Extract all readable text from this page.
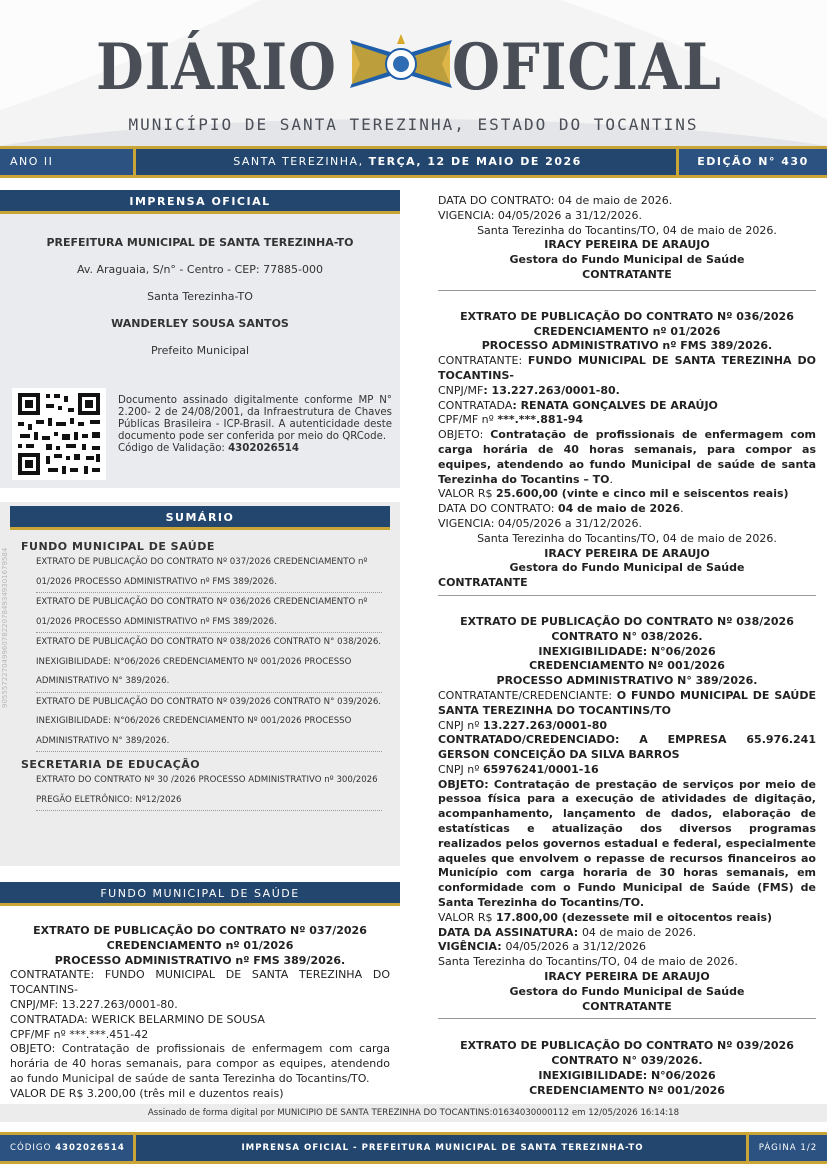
DIÁRIO OFICIAL
MUNICÍPIO DE SANTA TEREZINHA, ESTADO DO TOCANTINS
ANO II	SANTA TEREZINHA, TERÇA, 12 DE MAIO DE 2026	EDIÇÃO N° 430
IMPRENSA OFICIAL

PREFEITURA MUNICIPAL DE SANTA TEREZINHA-TO

Av. Araguaia, S/n° - Centro - CEP: 77885-000

Santa Terezinha-TO

WANDERLEY SOUSA SANTOS

Prefeito Municipal

Documento assinado digitalmente conforme MP N° 2.200- 2 de 24/08/2001, da Infraestrutura de Chaves Públicas Brasileira - ICP-Brasil. A autenticidade deste documento pode ser conferida por meio do QRCode.
Código de Validação: 4302026514
SUMÁRIO
FUNDO MUNICIPAL DE SAÚDE
EXTRATO DE PUBLICAÇÃO DO CONTRATO Nº 037/2026 CREDENCIAMENTO nº 01/2026 PROCESSO ADMINISTRATIVO nº FMS 389/2026.
EXTRATO DE PUBLICAÇÃO DO CONTRATO Nº 036/2026 CREDENCIAMENTO nº 01/2026 PROCESSO ADMINISTRATIVO nº FMS 389/2026.
EXTRATO DE PUBLICAÇÃO DO CONTRATO Nº 038/2026 CONTRATO N° 038/2026. INEXIGIBILIDADE: N°06/2026 CREDENCIAMENTO Nº 001/2026 PROCESSO ADMINISTRATIVO N° 389/2026.
EXTRATO DE PUBLICAÇÃO DO CONTRATO Nº 039/2026 CONTRATO N° 039/2026. INEXIGIBILIDADE: N°06/2026 CREDENCIAMENTO Nº 001/2026 PROCESSO ADMINISTRATIVO N° 389/2026.
SECRETARIA DE EDUCAÇÃO
EXTRATO DO CONTRATO Nº 30 /2026 PROCESSO ADMINISTRATIVO nº 300/2026 PREGÃO ELETRÔNICO: Nº12/2026
FUNDO MUNICIPAL DE SAÚDE
905557227049960782207849349301679584
EXTRATO DE PUBLICAÇÃO DO CONTRATO Nº 037/2026
CREDENCIAMENTO nº 01/2026
PROCESSO ADMINISTRATIVO nº FMS 389/2026.
CONTRATANTE: FUNDO MUNICIPAL DE SANTA TEREZINHA DO TOCANTINS-
CNPJ/MF: 13.227.263/0001-80.
CONTRATADA: WERICK BELARMINO DE SOUSA
CPF/MF nº ***.***.451-42
OBJETO: Contratação de profissionais de enfermagem com carga horária de 40 horas semanais, para compor as equipes, atendendo ao fundo Municipal de saúde de santa Terezinha do Tocantins/TO.
VALOR DE R$ 3.200,00 (três mil e duzentos reais)
DATA DO CONTRATO: 04 de maio de 2026.
VIGENCIA: 04/05/2026 a 31/12/2026.
Santa Terezinha do Tocantins/TO, 04 de maio de 2026.
IRACY PEREIRA DE ARAUJO
Gestora do Fundo Municipal de Saúde
CONTRATANTE
EXTRATO DE PUBLICAÇÃO DO CONTRATO Nº 036/2026
CREDENCIAMENTO nº 01/2026
PROCESSO ADMINISTRATIVO nº FMS 389/2026.
CONTRATANTE: FUNDO MUNICIPAL DE SANTA TEREZINHA DO TOCANTINS-
CNPJ/MF: 13.227.263/0001-80.
CONTRATADA: RENATA GONÇALVES DE ARAÚJO
CPF/MF nº ***.***.881-94
OBJETO: Contratação de profissionais de enfermagem com carga horária de 40 horas semanais, para compor as equipes, atendendo ao fundo Municipal de saúde de santa Terezinha do Tocantins – TO.
VALOR R$ 25.600,00 (vinte e cinco mil e seiscentos reais)
DATA DO CONTRATO: 04 de maio de 2026.
VIGENCIA: 04/05/2026 a 31/12/2026.
Santa Terezinha do Tocantins/TO, 04 de maio de 2026.
IRACY PEREIRA DE ARAUJO
Gestora do Fundo Municipal de Saúde
CONTRATANTE
EXTRATO DE PUBLICAÇÃO DO CONTRATO Nº 038/2026
CONTRATO N° 038/2026.
INEXIGIBILIDADE: N°06/2026
CREDENCIAMENTO Nº 001/2026
PROCESSO ADMINISTRATIVO N° 389/2026.
CONTRATANTE/CREDENCIANTE: O FUNDO MUNICIPAL DE SAÚDE SANTA TEREZINHA DO TOCANTINS/TO
CNPJ nº 13.227.263/0001-80
CONTRATADO/CREDENCIADO: A EMPRESA 65.976.241 GERSON CONCEIÇÃO DA SILVA BARROS
CNPJ nº 65976241/0001-16
OBJETO: Contratação de prestação de serviços por meio de pessoa física para a execução de atividades de digitação, acompanhamento, lançamento de dados, elaboração de estatísticas e atualização dos diversos programas realizados pelos governos estadual e federal, especialmente aqueles que envolvem o repasse de recursos financeiros ao Município com carga horaria de 30 horas semanais, em conformidade com o Fundo Municipal de Saúde (FMS) de Santa Terezinha do Tocantins/TO.
VALOR R$ 17.800,00 (dezessete mil e oitocentos reais)
DATA DA ASSINATURA: 04 de maio de 2026.
VIGÊNCIA: 04/05/2026 a 31/12/2026
Santa Terezinha do Tocantins/TO, 04 de maio de 2026.
IRACY PEREIRA DE ARAUJO
Gestora do Fundo Municipal de Saúde
CONTRATANTE
EXTRATO DE PUBLICAÇÃO DO CONTRATO Nº 039/2026
CONTRATO N° 039/2026.
INEXIGIBILIDADE: N°06/2026
CREDENCIAMENTO Nº 001/2026
Assinado de forma digital por MUNICIPIO DE SANTA TEREZINHA DO TOCANTINS:01634030000112 em 12/05/2026 16:14:18
CÓDIGO 4302026514	IMPRENSA OFICIAL - PREFEITURA MUNICIPAL DE SANTA TEREZINHA-TO	PÁGINA 1/2
